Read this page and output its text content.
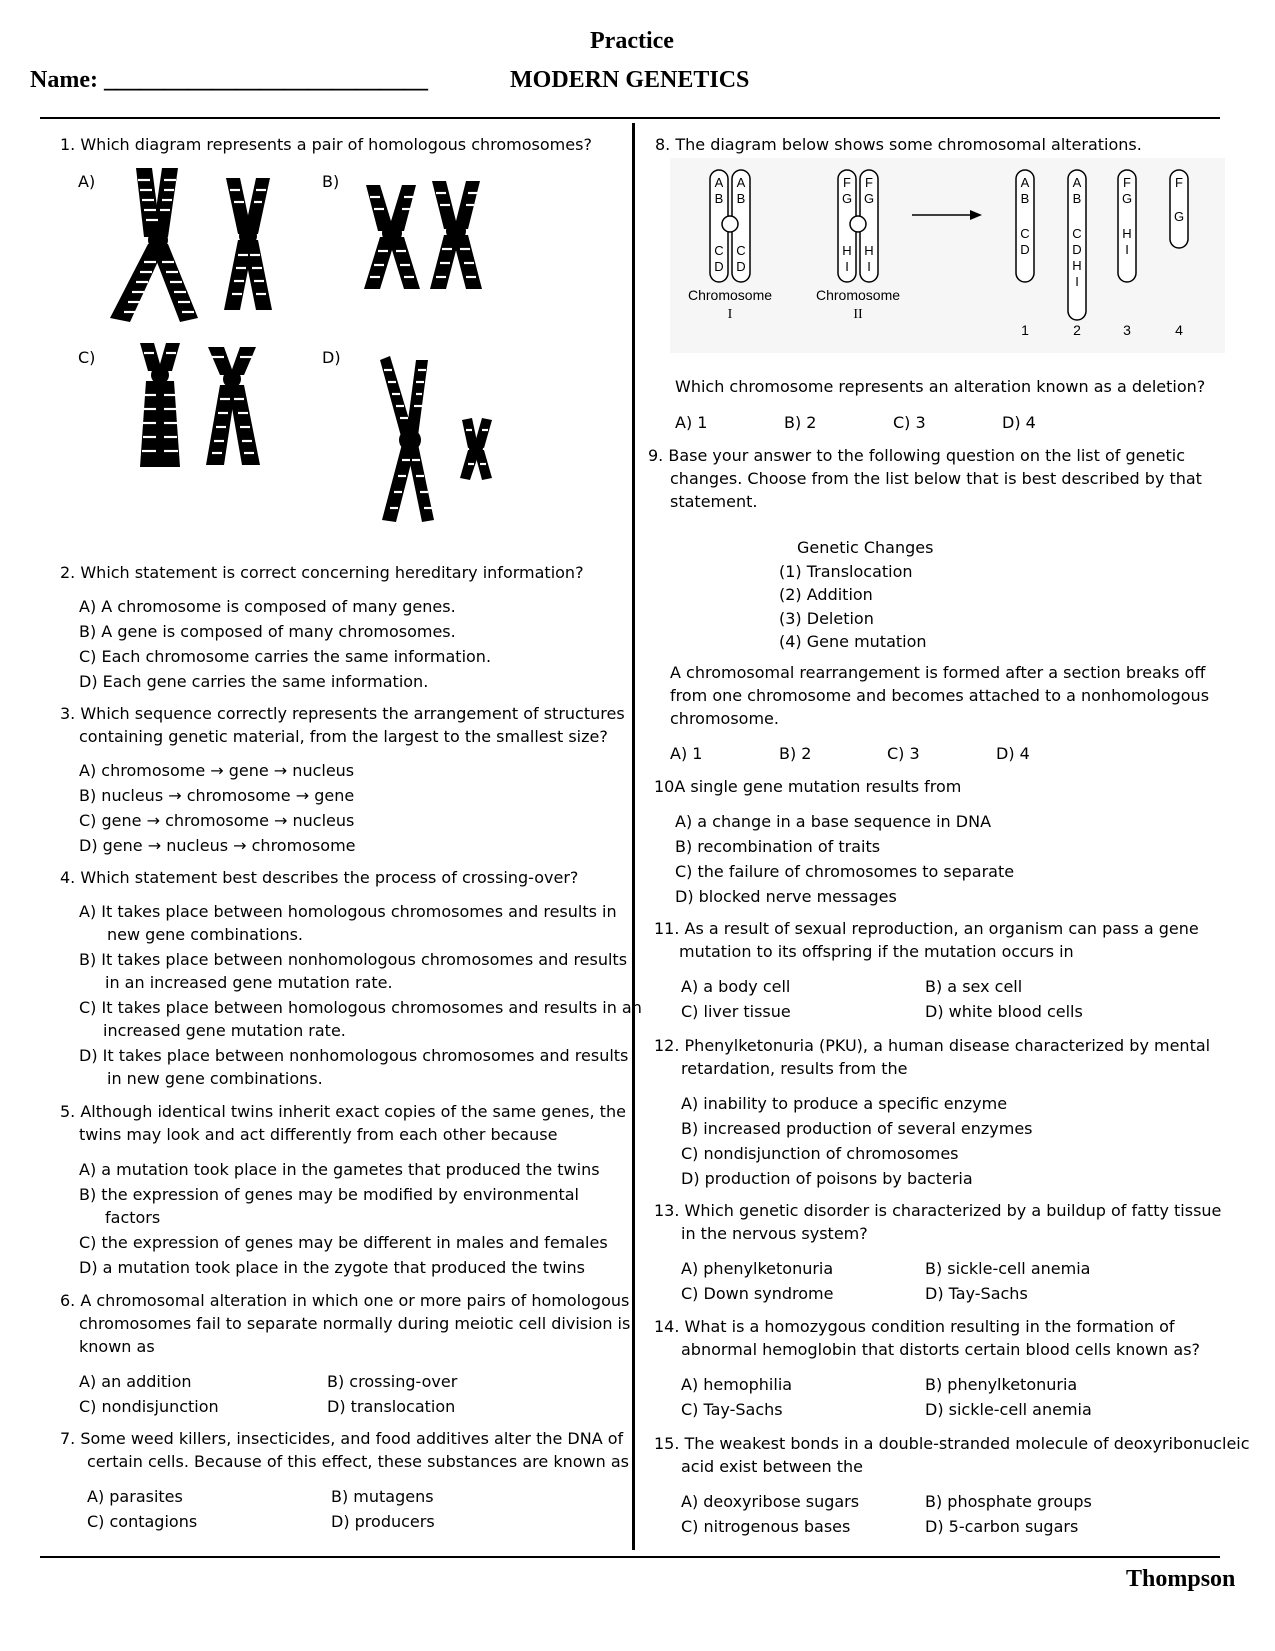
Practice
Name: ___________________________	MODERN GENETICS
Thompson
1. Which diagram represents a pair of homologous chromosomes?
A)	B)
C)	D)
2. Which statement is correct concerning hereditary information?
A) A chromosome is composed of many genes.
B) A gene is composed of many chromosomes.
C) Each chromosome carries the same information.
D) Each gene carries the same information.
3. Which sequence correctly represents the arrangement of structures
containing genetic material, from the largest to the smallest size?
A) chromosome → gene → nucleus
B) nucleus → chromosome → gene
C) gene → chromosome → nucleus
D) gene → nucleus → chromosome
4. Which statement best describes the process of crossing-over?
A) It takes place between homologous chromosomes and results in
new gene combinations.
B) It takes place between nonhomologous chromosomes and results
in an increased gene mutation rate.
C) It takes place between homologous chromosomes and results in an
increased gene mutation rate.
D) It takes place between nonhomologous chromosomes and results
in new gene combinations.
5. Although identical twins inherit exact copies of the same genes, the
twins may look and act differently from each other because
A) a mutation took place in the gametes that produced the twins
B) the expression of genes may be modified by environmental
factors
C) the expression of genes may be different in males and females
D) a mutation took place in the zygote that produced the twins
6. A chromosomal alteration in which one or more pairs of homologous
chromosomes fail to separate normally during meiotic cell division is
known as
A) an addition	B) crossing-over
C) nondisjunction	D) translocation
7. Some weed killers, insecticides, and food additives alter the DNA of
certain cells. Because of this effect, these substances are known as
A) parasites	B) mutagens
C) contagions	D) producers
8. The diagram below shows some chromosomal alterations.
A
B
C
D
A
B
C
D
F
G
H
I
F
G
H
I
A
B
C
D
A
B
C
D
H
I
F
G
H
I
F
G
Chromosome
I
Chromosome
II
1	2	3	4
Which chromosome represents an alteration known as a deletion?
A) 1	B) 2	C) 3	D) 4
9. Base your answer to the following question on the list of genetic
changes. Choose from the list below that is best described by that
statement.
Genetic Changes
(1) Translocation
(2) Addition
(3) Deletion
(4) Gene mutation
A chromosomal rearrangement is formed after a section breaks off
from one chromosome and becomes attached to a nonhomologous
chromosome.
A) 1	B) 2	C) 3	D) 4
10A single gene mutation results from
A) a change in a base sequence in DNA
B) recombination of traits
C) the failure of chromosomes to separate
D) blocked nerve messages
11. As a result of sexual reproduction, an organism can pass a gene
mutation to its offspring if the mutation occurs in
A) a body cell	B) a sex cell
C) liver tissue	D) white blood cells
12. Phenylketonuria (PKU), a human disease characterized by mental
retardation, results from the
A) inability to produce a specific enzyme
B) increased production of several enzymes
C) nondisjunction of chromosomes
D) production of poisons by bacteria
13. Which genetic disorder is characterized by a buildup of fatty tissue
in the nervous system?
A) phenylketonuria	B) sickle-cell anemia
C) Down syndrome	D) Tay-Sachs
14. What is a homozygous condition resulting in the formation of
abnormal hemoglobin that distorts certain blood cells known as?
A) hemophilia	B) phenylketonuria
C) Tay-Sachs	D) sickle-cell anemia
15. The weakest bonds in a double-stranded molecule of deoxyribonucleic
acid exist between the
A) deoxyribose sugars	B) phosphate groups
C) nitrogenous bases	D) 5-carbon sugars
